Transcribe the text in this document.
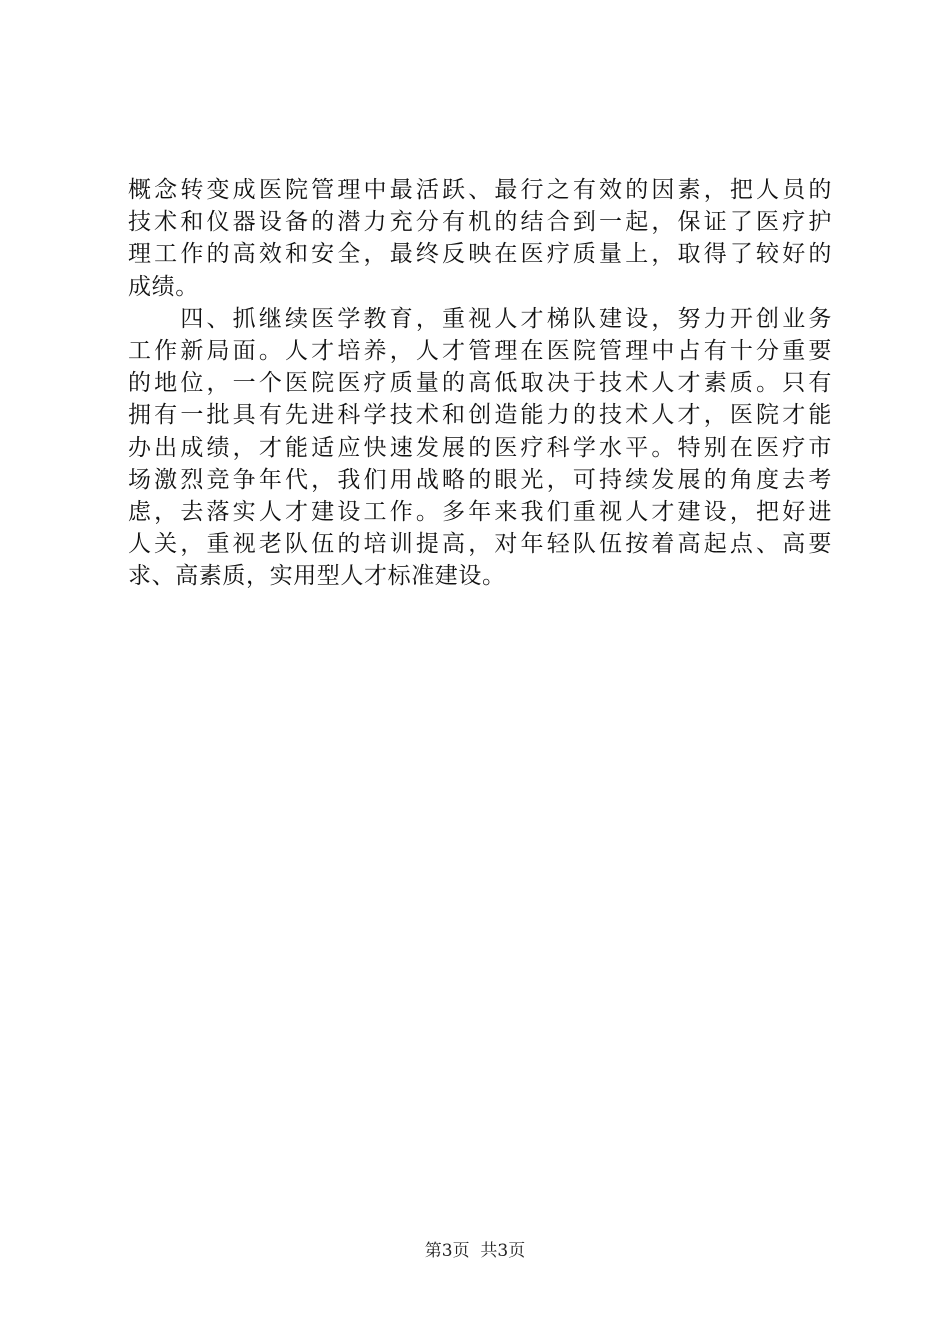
概念转变成医院管理中最活跃、最行之有效的因素，把人员的
技术和仪器设备的潜力充分有机的结合到一起，保证了医疗护
理工作的高效和安全，最终反映在医疗质量上，取得了较好的
成绩。
　　四、抓继续医学教育，重视人才梯队建设，努力开创业务
工作新局面。人才培养，人才管理在医院管理中占有十分重要
的地位，一个医院医疗质量的高低取决于技术人才素质。只有
拥有一批具有先进科学技术和创造能力的技术人才，医院才能
办出成绩，才能适应快速发展的医疗科学水平。特别在医疗市
场激烈竞争年代，我们用战略的眼光，可持续发展的角度去考
虑，去落实人才建设工作。多年来我们重视人才建设，把好进
人关，重视老队伍的培训提高，对年轻队伍按着高起点、高要
求、高素质，实用型人才标准建设。
第3页  共3页
